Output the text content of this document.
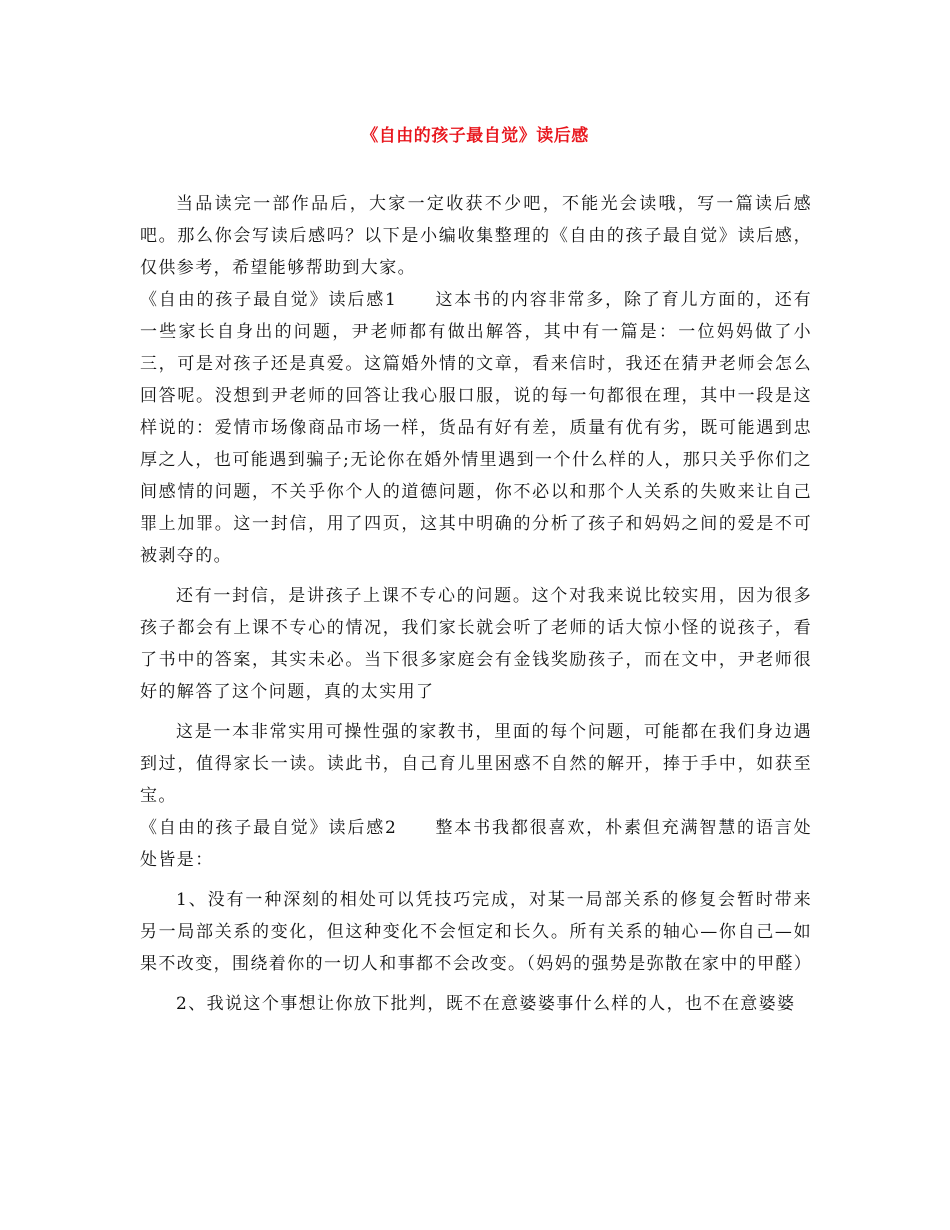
《自由的孩子最自觉》读后感

当品读完一部作品后，大家一定收获不少吧，不能光会读哦，写一篇读后感吧。那么你会写读后感吗？以下是小编收集整理的《自由的孩子最自觉》读后感，仅供参考，希望能够帮助到大家。

《自由的孩子最自觉》读后感1　　 这本书的内容非常多，除了育儿方面的，还有一些家长自身出的问题，尹老师都有做出解答，其中有一篇是：一位妈妈做了小三，可是对孩子还是真爱。这篇婚外情的文章，看来信时，我还在猜尹老师会怎么回答呢。没想到尹老师的回答让我心服口服，说的每一句都很在理，其中一段是这样说的：爱情市场像商品市场一样，货品有好有差，质量有优有劣，既可能遇到忠厚之人，也可能遇到骗子;无论你在婚外情里遇到一个什么样的人，那只关乎你们之间感情的问题，不关乎你个人的道德问题，你不必以和那个人关系的失败来让自己罪上加罪。这一封信，用了四页，这其中明确的分析了孩子和妈妈之间的爱是不可被剥夺的。

还有一封信，是讲孩子上课不专心的问题。这个对我来说比较实用，因为很多孩子都会有上课不专心的情况，我们家长就会听了老师的话大惊小怪的说孩子，看了书中的答案，其实未必。当下很多家庭会有金钱奖励孩子，而在文中，尹老师很好的解答了这个问题，真的太实用了

这是一本非常实用可操性强的家教书，里面的每个问题，可能都在我们身边遇到过，值得家长一读。读此书，自己育儿里困惑不自然的解开，捧于手中，如获至宝。

《自由的孩子最自觉》读后感2　　 整本书我都很喜欢，朴素但充满智慧的语言处处皆是：

1、没有一种深刻的相处可以凭技巧完成，对某一局部关系的修复会暂时带来另一局部关系的变化，但这种变化不会恒定和长久。所有关系的轴心—你自己—如果不改变，围绕着你的一切人和事都不会改变。（妈妈的强势是弥散在家中的甲醛）

2、我说这个事想让你放下批判，既不在意婆婆事什么样的人，也不在意婆婆
